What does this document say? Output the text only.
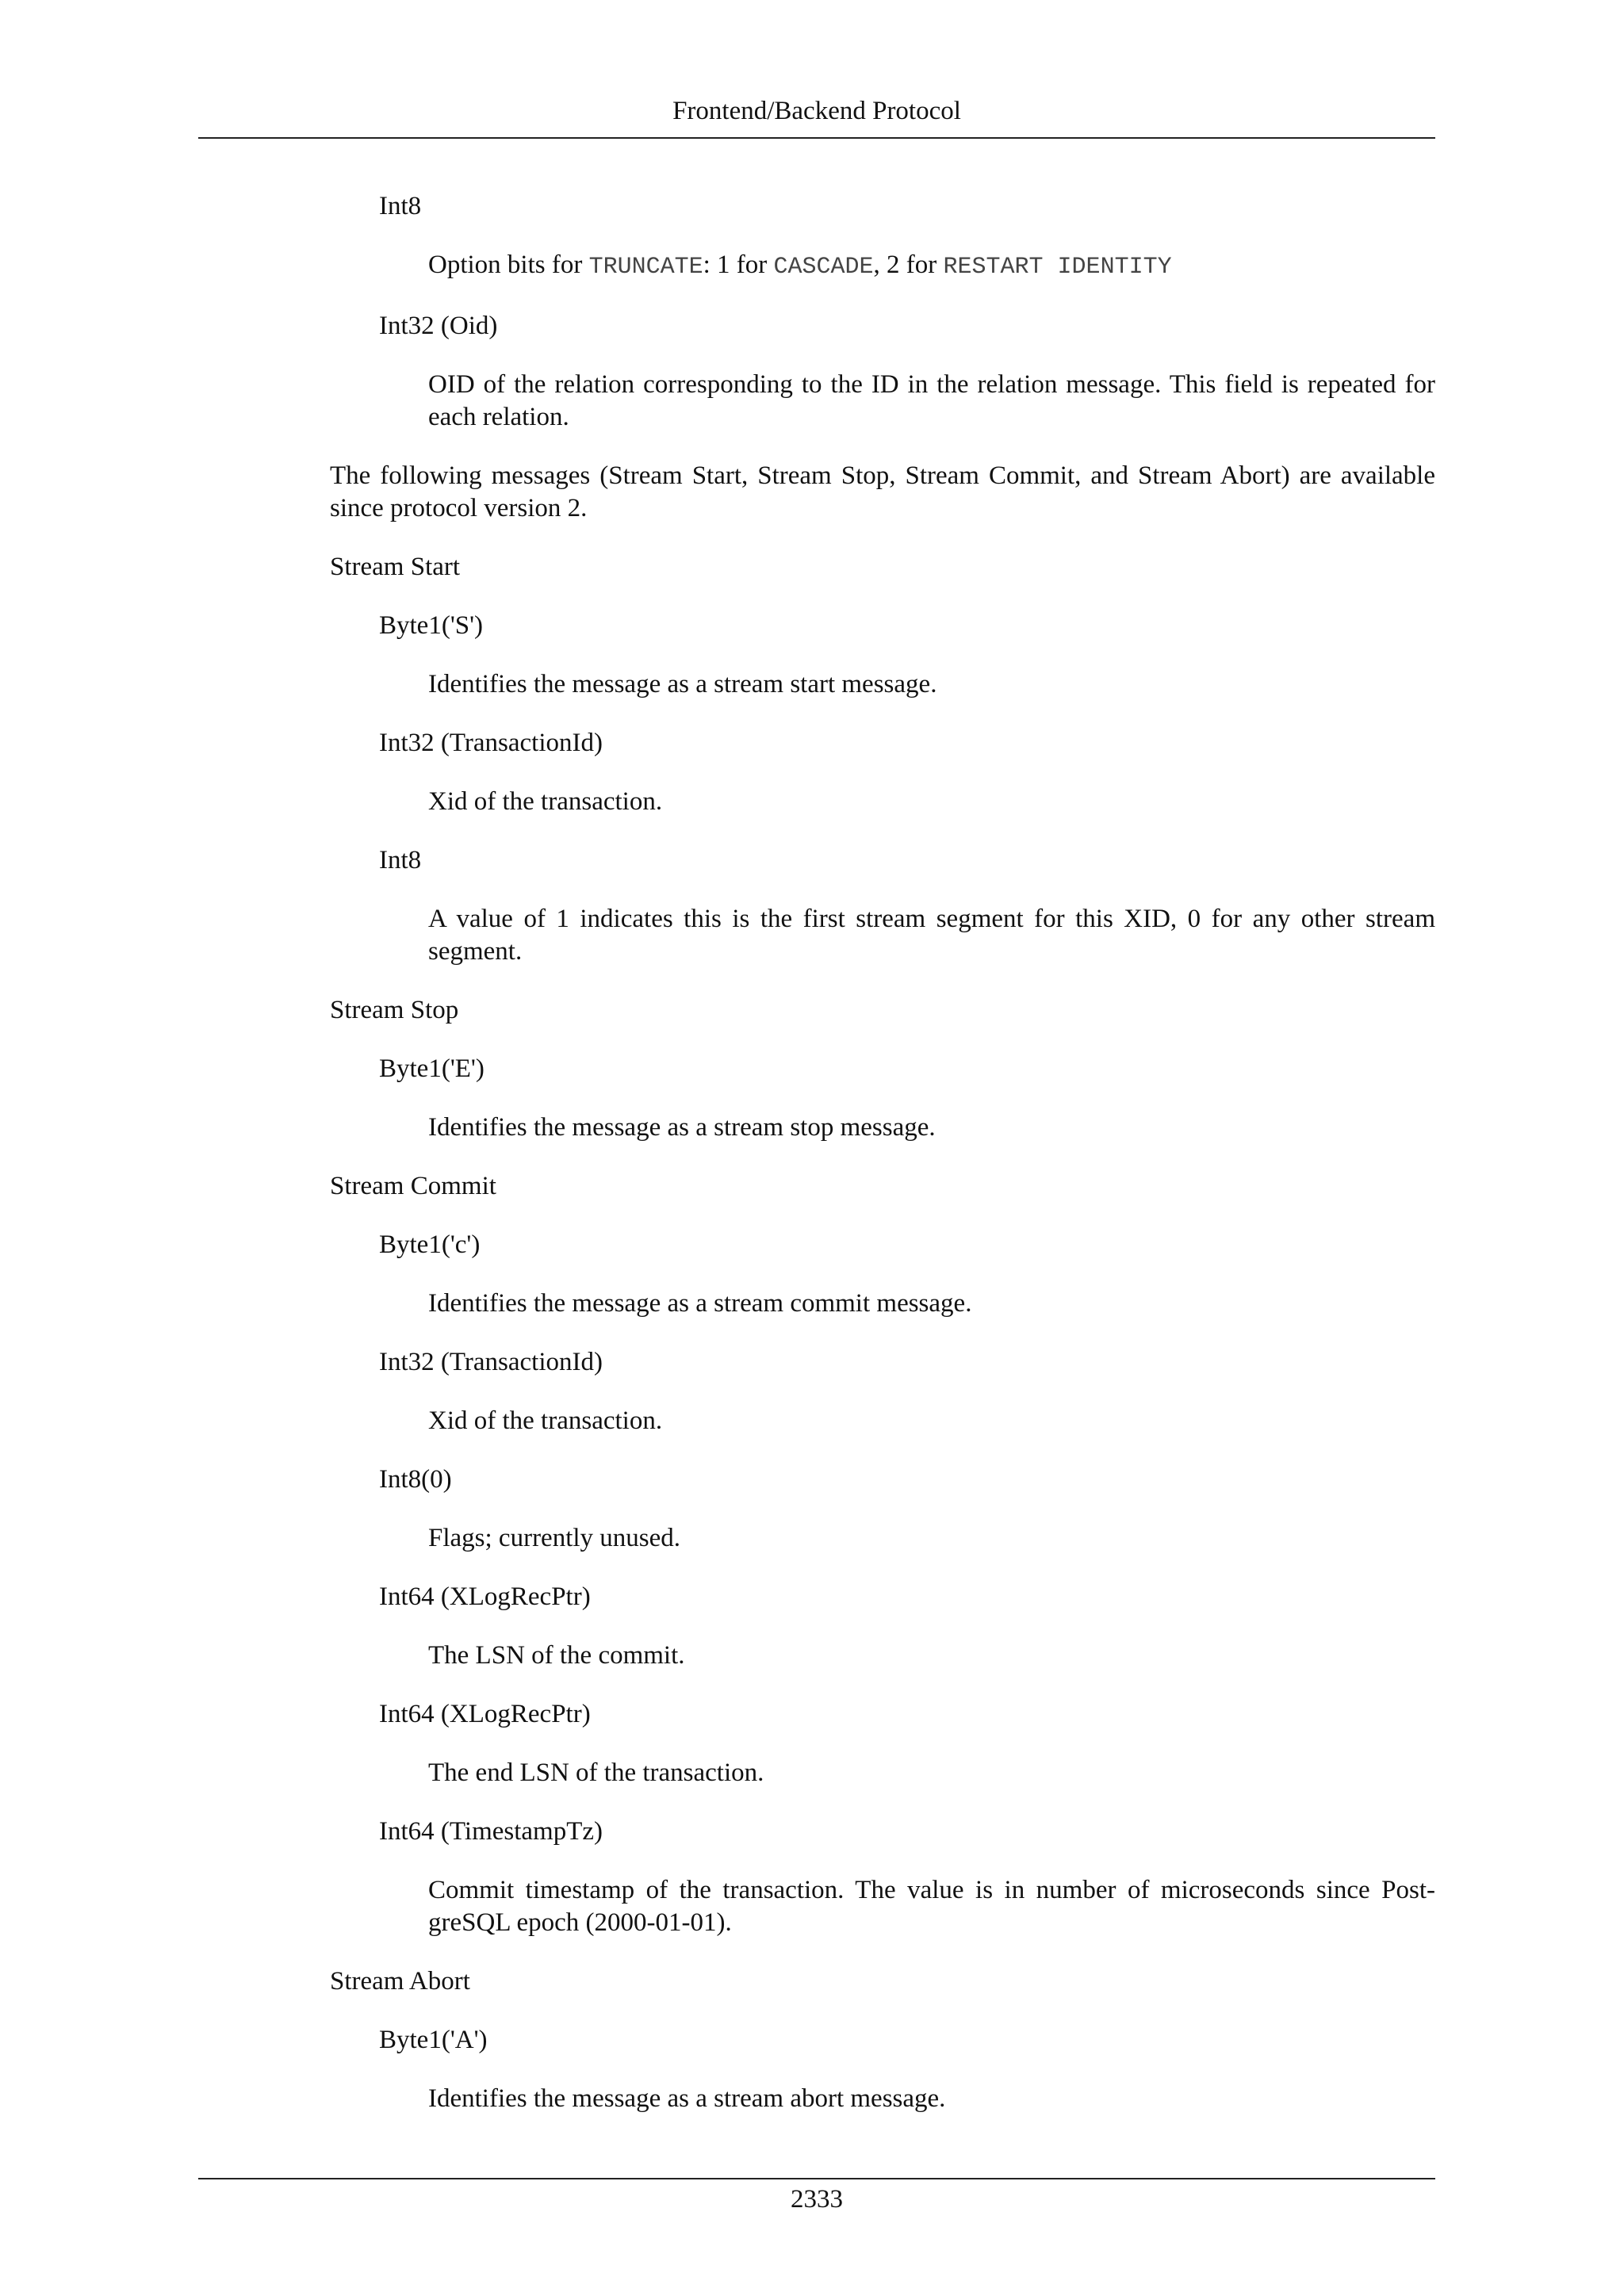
Frontend/Backend Protocol
Int8
Option bits for TRUNCATE: 1 for CASCADE, 2 for RESTART IDENTITY
Int32 (Oid)
OID of the relation corresponding to the ID in the relation message. This field is repeated for each relation.
The following messages (Stream Start, Stream Stop, Stream Commit, and Stream Abort) are available since protocol version 2.
Stream Start
Byte1('S')
Identifies the message as a stream start message.
Int32 (TransactionId)
Xid of the transaction.
Int8
A value of 1 indicates this is the first stream segment for this XID, 0 for any other stream segment.
Stream Stop
Byte1('E')
Identifies the message as a stream stop message.
Stream Commit
Byte1('c')
Identifies the message as a stream commit message.
Int32 (TransactionId)
Xid of the transaction.
Int8(0)
Flags; currently unused.
Int64 (XLogRecPtr)
The LSN of the commit.
Int64 (XLogRecPtr)
The end LSN of the transaction.
Int64 (TimestampTz)
Commit timestamp of the transaction. The value is in number of microseconds since Post-greSQL epoch (2000-01-01).
Stream Abort
Byte1('A')
Identifies the message as a stream abort message.
2333
